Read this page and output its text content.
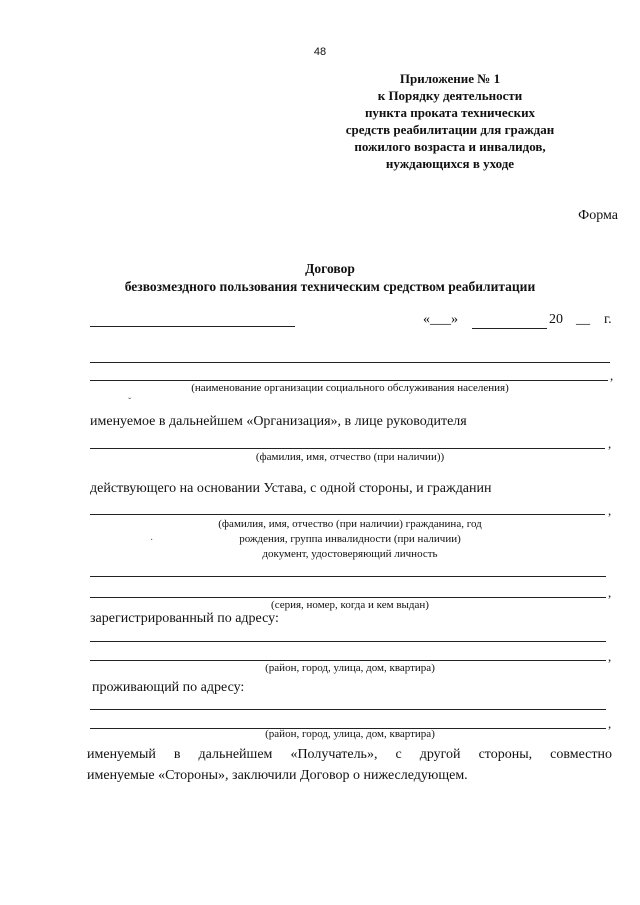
48
Приложение № 1
к Порядку деятельности
пункта проката технических
средств реабилитации для граждан
пожилого возраста и инвалидов,
нуждающихся в уходе
Форма
Договор
безвозмездного пользования техническим средством реабилитации
«___»	20 __ г.
,
(наименование организации социального обслуживания населения)
ˇ
именуемое в дальнейшем «Организация», в лице руководителя
,
(фамилия, имя, отчество (при наличии))
действующего на основании Устава, с одной стороны, и гражданин
,
(фамилия, имя, отчество (при наличии) гражданина, год
рождения, группа инвалидности (при наличии)
документ, удостоверяющий личность
·
,
(серия, номер, когда и кем выдан)
зарегистрированный по адресу:
,
(район, город, улица, дом, квартира)
проживающий по адресу:
,
(район, город, улица, дом, квартира)
именуемый в дальнейшем «Получатель», с другой стороны, совместно
именуемые «Стороны», заключили Договор о нижеследующем.
